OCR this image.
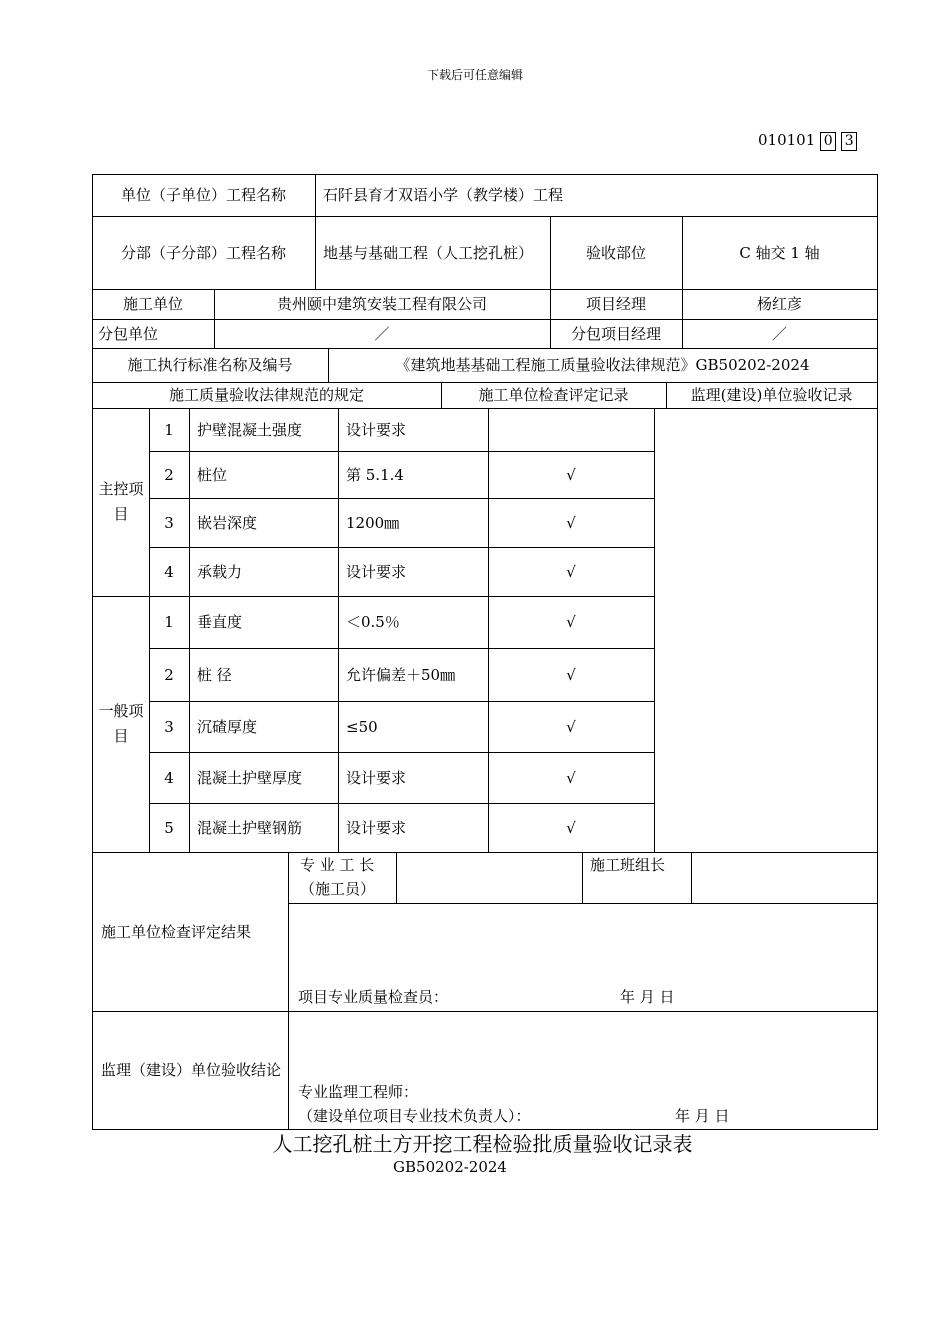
下载后可任意编辑
010101 0 3
单位（子单位）工程名称	石阡县育才双语小学（教学楼）工程
分部（子分部）工程名称	地基与基础工程（人工挖孔桩）	验收部位	C 轴交 1 轴
施工单位	贵州颐中建筑安装工程有限公司	项目经理	杨红彦
分包单位	／	分包项目经理	／
施工执行标准名称及编号	《建筑地基基础工程施工质量验收法律规范》GB50202-2024
施工质量验收法律规范的规定	施工单位检查评定记录	监理(建设)单位验收记录
主控项目
1	护壁混凝土强度	设计要求
2	桩位	第 5.1.4	√
3	嵌岩深度	1200㎜	√
4	承载力	设计要求	√
一般项目
1	垂直度	＜0.5％	√
2	桩 径	允许偏差＋50㎜	√
3	沉碴厚度	≤50	√
4	混凝土护壁厚度	设计要求	√
5	混凝土护壁钢筋	设计要求	√
施工单位检查评定结果
专 业 工 长（施工员）
施工班组长
项目专业质量检查员：	年 月 日
监理（建设）单位验收结论
专业监理工程师：
（建设单位项目专业技术负责人）：	年 月 日
人工挖孔桩土方开挖工程检验批质量验收记录表
GB50202-2024
